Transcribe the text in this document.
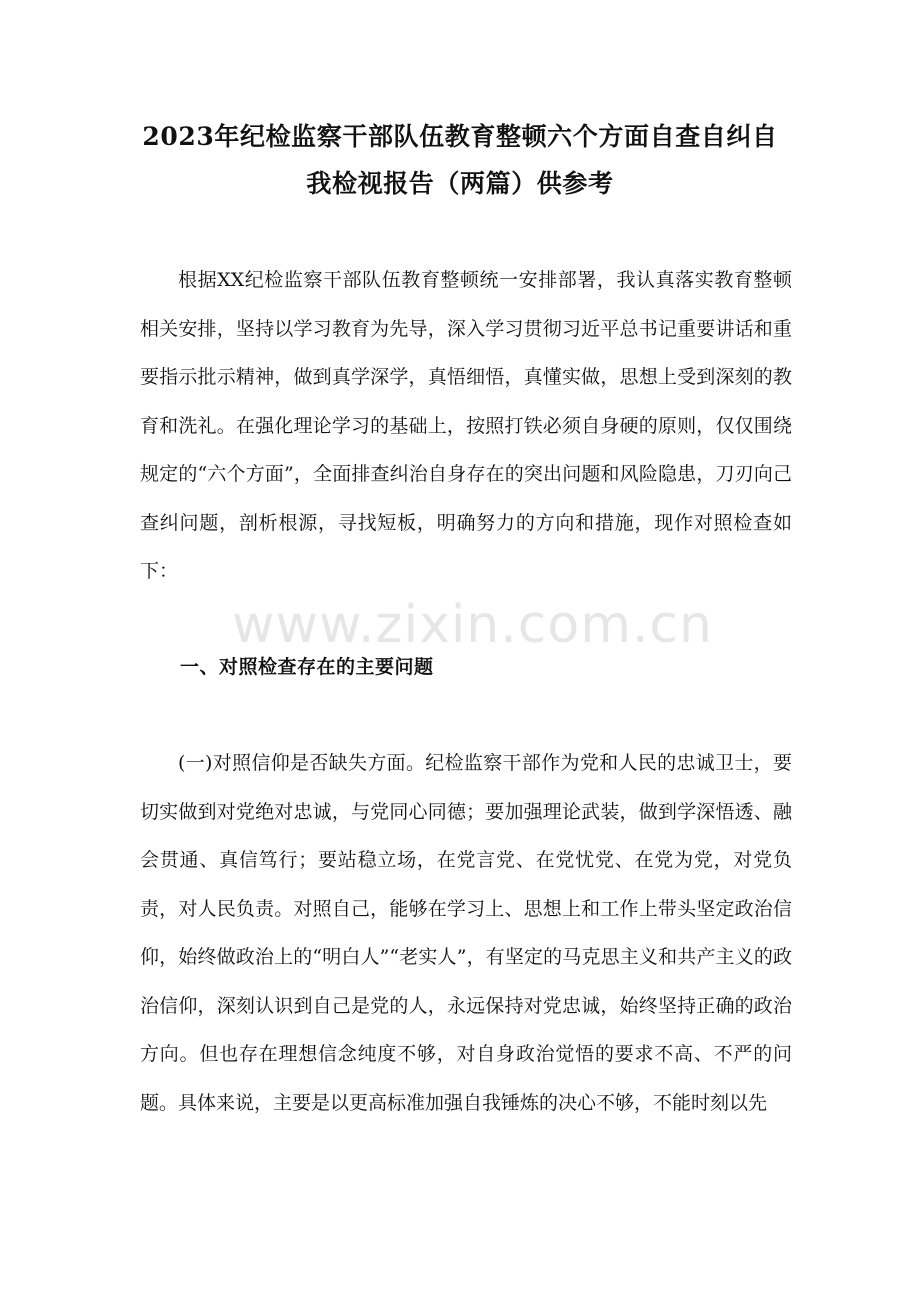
2023年纪检监察干部队伍教育整顿六个方面自查自纠自我检视报告（两篇）供参考

根据XX纪检监察干部队伍教育整顿统一安排部署，我认真落实教育整顿相关安排，坚持以学习教育为先导，深入学习贯彻习近平总书记重要讲话和重要指示批示精神，做到真学深学，真悟细悟，真懂实做，思想上受到深刻的教育和洗礼。在强化理论学习的基础上，按照打铁必须自身硬的原则，仅仅围绕规定的“六个方面”，全面排查纠治自身存在的突出问题和风险隐患，刀刃向己查纠问题，剖析根源，寻找短板，明确努力的方向和措施，现作对照检查如下：

www.zixin.com.cn
一、对照检查存在的主要问题

(一)对照信仰是否缺失方面。纪检监察干部作为党和人民的忠诚卫士，要切实做到对党绝对忠诚，与党同心同德；要加强理论武装，做到学深悟透、融会贯通、真信笃行；要站稳立场，在党言党、在党忧党、在党为党，对党负责，对人民负责。对照自己，能够在学习上、思想上和工作上带头坚定政治信仰，始终做政治上的“明白人”“老实人”，有坚定的马克思主义和共产主义的政治信仰，深刻认识到自己是党的人，永远保持对党忠诚，始终坚持正确的政治方向。但也存在理想信念纯度不够，对自身政治觉悟的要求不高、不严的问题。具体来说，主要是以更高标准加强自我锤炼的决心不够，不能时刻以先
